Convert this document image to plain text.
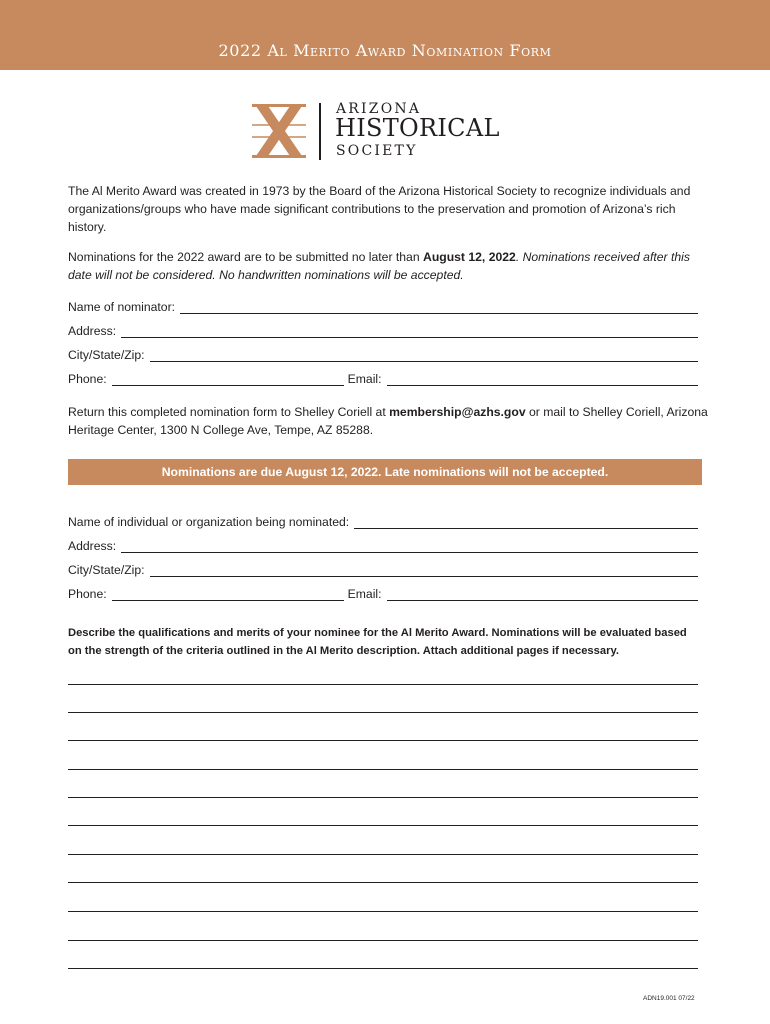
2022 Al Merito Award Nomination Form
ARIZONA
HISTORICAL
SOCIETY
The Al Merito Award was created in 1973 by the Board of the Arizona Historical Society to recognize individuals and organizations/groups who have made significant contributions to the preservation and promotion of Arizona’s rich history.
Nominations for the 2022 award are to be submitted no later than August 12, 2022. Nominations received after this date will not be considered. No handwritten nominations will be accepted.
Name of nominator:
Address:
City/State/Zip:
Phone:	Email:
Return this completed nomination form to Shelley Coriell at membership@azhs.gov or mail to Shelley Coriell, Arizona Heritage Center, 1300 N College Ave, Tempe, AZ 85288.
Nominations are due August 12, 2022. Late nominations will not be accepted.
Name of individual or organization being nominated:
Address:
City/State/Zip:
Phone:	Email:
Describe the qualifications and merits of your nominee for the Al Merito Award. Nominations will be evaluated based on the strength of the criteria outlined in the Al Merito description. Attach additional pages if necessary.
ADN19.001 07/22
